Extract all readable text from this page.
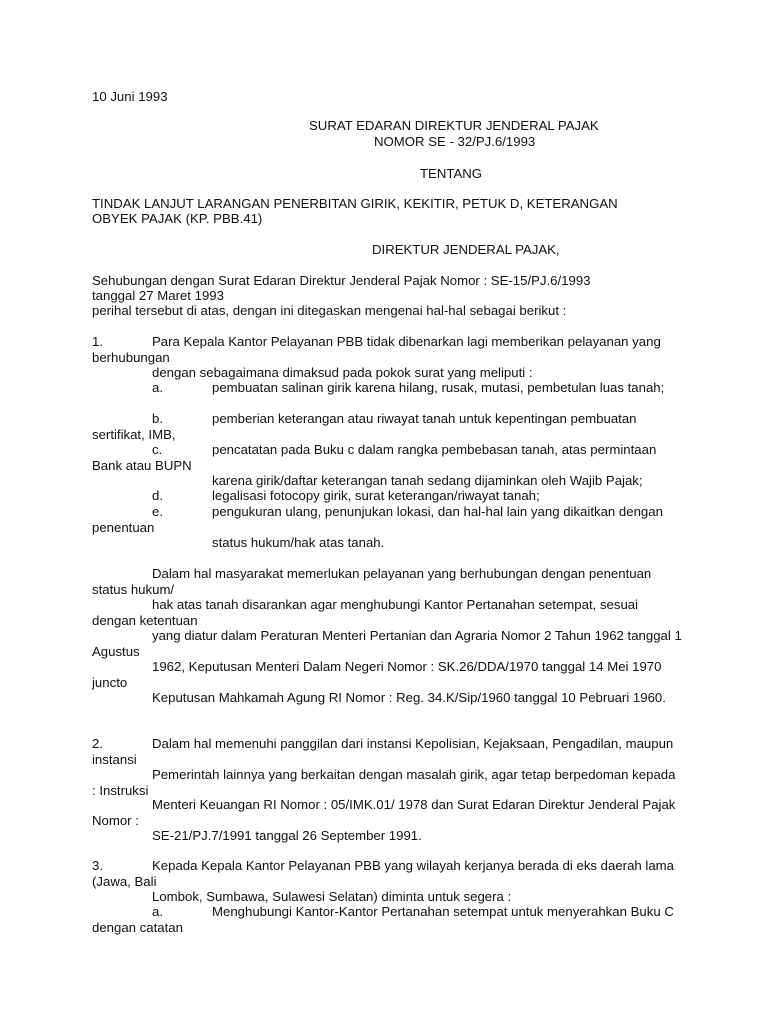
10 Juni 1993
SURAT EDARAN DIREKTUR JENDERAL PAJAK
NOMOR SE - 32/PJ.6/1993
TENTANG
TINDAK LANJUT LARANGAN PENERBITAN GIRIK, KEKITIR, PETUK D, KETERANGAN
OBYEK PAJAK (KP. PBB.41)
DIREKTUR JENDERAL PAJAK,
Sehubungan dengan Surat Edaran Direktur Jenderal Pajak Nomor : SE-15/PJ.6/1993
tanggal 27 Maret 1993
perihal tersebut di atas, dengan ini ditegaskan mengenai hal-hal sebagai berikut :
1.	Para Kepala Kantor Pelayanan PBB tidak dibenarkan lagi memberikan pelayanan yang berhubungan
dengan sebagaimana dimaksud pada pokok surat yang meliputi :
a.	pembuatan salinan girik karena hilang, rusak, mutasi, pembetulan luas tanah;
b.	pemberian keterangan atau riwayat tanah untuk kepentingan pembuatan sertifikat, IMB,
c.	pencatatan pada Buku c dalam rangka pembebasan tanah, atas permintaan Bank atau BUPN
karena girik/daftar keterangan tanah sedang dijaminkan oleh Wajib Pajak;
d.	legalisasi fotocopy girik, surat keterangan/riwayat tanah;
e.	pengukuran ulang, penunjukan lokasi, dan hal-hal lain yang dikaitkan dengan penentuan
status hukum/hak atas tanah.
Dalam hal masyarakat memerlukan pelayanan yang berhubungan dengan penentuan status hukum/
hak atas tanah disarankan agar menghubungi Kantor Pertanahan setempat, sesuai dengan ketentuan
yang diatur dalam Peraturan Menteri Pertanian dan Agraria Nomor 2 Tahun 1962 tanggal 1 Agustus
1962, Keputusan Menteri Dalam Negeri Nomor : SK.26/DDA/1970 tanggal 14 Mei 1970 juncto
Keputusan Mahkamah Agung RI Nomor : Reg. 34.K/Sip/1960 tanggal 10 Pebruari 1960.
2.	Dalam hal memenuhi panggilan dari instansi Kepolisian, Kejaksaan, Pengadilan, maupun instansi
Pemerintah lainnya yang berkaitan dengan masalah girik, agar tetap berpedoman kepada : Instruksi
Menteri Keuangan RI Nomor : 05/IMK.01/ 1978 dan Surat Edaran Direktur Jenderal Pajak Nomor :
SE-21/PJ.7/1991 tanggal 26 September 1991.
3.	Kepada Kepala Kantor Pelayanan PBB yang wilayah kerjanya berada di eks daerah lama (Jawa, Bali
Lombok, Sumbawa, Sulawesi Selatan) diminta untuk segera :
a.	Menghubungi Kantor-Kantor Pertanahan setempat untuk menyerahkan Buku C dengan catatan
